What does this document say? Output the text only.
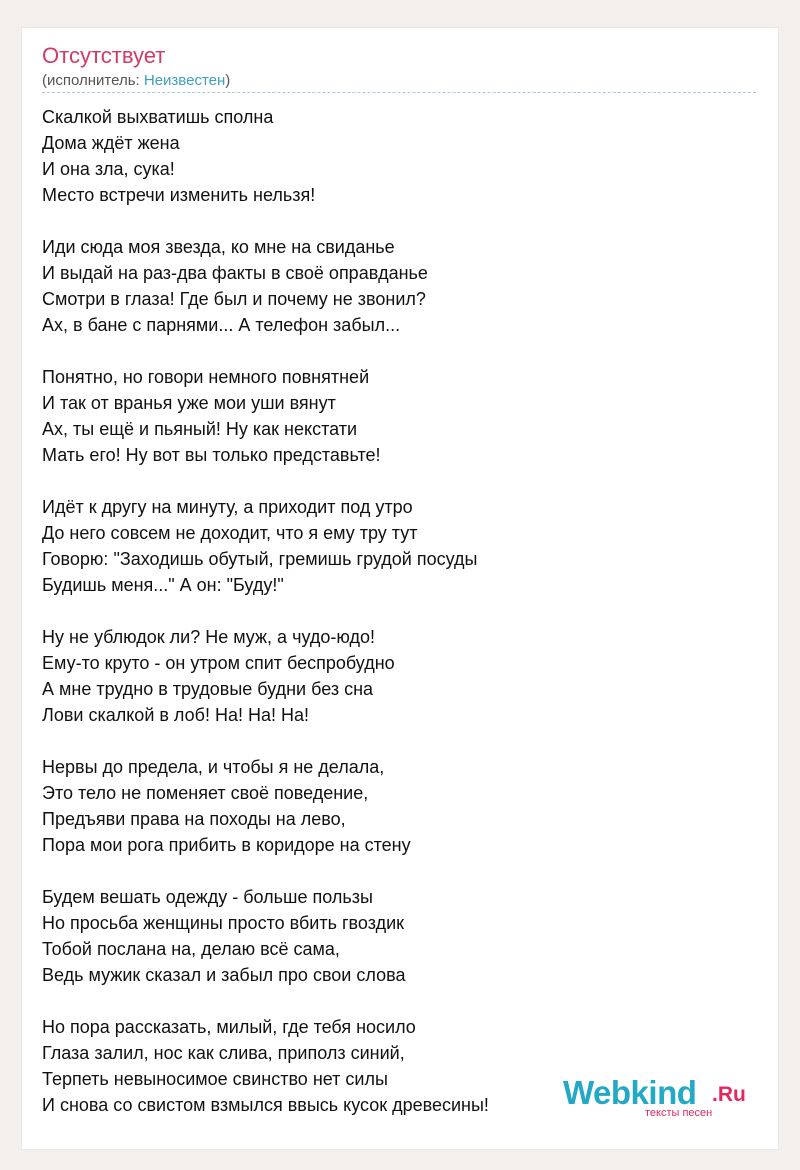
Отсутствует
(исполнитель: Неизвестен)
Скалкой выхватишь сполна
Дома ждёт жена
И она зла, сука!
Место встречи изменить нельзя!
Иди сюда моя звезда, ко мне на свиданье
И выдай на раз-два факты в своё оправданье
Смотри в глаза! Где был и почему не звонил?
Ах, в бане с парнями... А телефон забыл...
Понятно, но говори немного повнятней
И так от вранья уже мои уши вянут
Ах, ты ещё и пьяный! Ну как некстати
Мать его! Ну вот вы только представьте!
Идёт к другу на минуту, а приходит под утро
До него совсем не доходит, что я ему тру тут
Говорю: "Заходишь обутый, гремишь грудой посуды
Будишь меня..." А он: "Буду!"
Ну не ублюдок ли? Не муж, а чудо-юдо!
Ему-то круто - он утром спит беспробудно
А мне трудно в трудовые будни без сна
Лови скалкой в лоб! На! На! На!
Нервы до предела, и чтобы я не делала,
Это тело не поменяет своё поведение,
Предъяви права на походы на лево,
Пора мои рога прибить в коридоре на стену
Будем вешать одежду - больше пользы
Но просьба женщины просто вбить гвоздик
Тобой послана на, делаю всё сама,
Ведь мужик сказал и забыл про свои слова
Но пора рассказать, милый, где тебя носило
Глаза залил, нос как слива, приполз синий,
Терпеть невыносимое свинство нет силы
И снова со свистом взмылся ввысь кусок древесины!	Webkind .Ru
тексты песен
